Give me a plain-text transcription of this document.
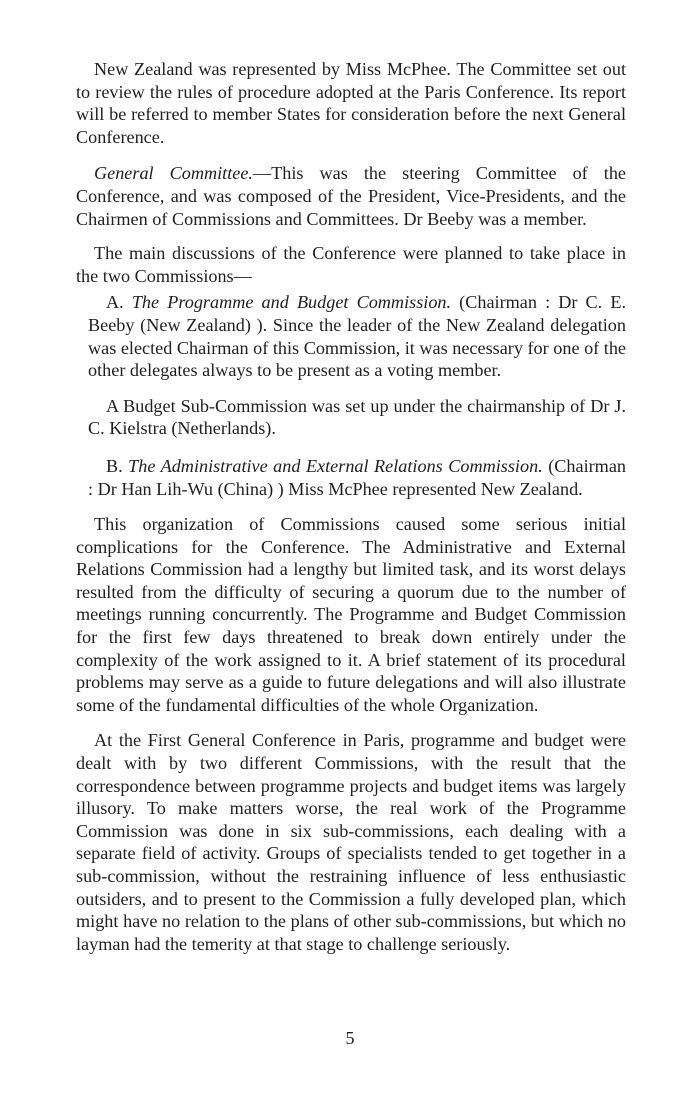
New Zealand was represented by Miss McPhee. The Committee set out to review the rules of procedure adopted at the Paris Conference. Its report will be referred to member States for consideration before the next General Conference.

General Committee.—This was the steering Committee of the Conference, and was composed of the President, Vice-Presidents, and the Chairmen of Commissions and Committees. Dr Beeby was a member.

The main discussions of the Conference were planned to take place in the two Commissions—

A. The Programme and Budget Commission. (Chairman : Dr C. E. Beeby (New Zealand) ). Since the leader of the New Zealand delegation was elected Chairman of this Commission, it was necessary for one of the other delegates always to be present as a voting member.

A Budget Sub-Commission was set up under the chairmanship of Dr J. C. Kielstra (Netherlands).

B. The Administrative and External Relations Commission. (Chairman : Dr Han Lih-Wu (China) ) Miss McPhee represented New Zealand.

This organization of Commissions caused some serious initial complications for the Conference. The Administrative and External Relations Commission had a lengthy but limited task, and its worst delays resulted from the difficulty of securing a quorum due to the number of meetings running concurrently. The Programme and Budget Commission for the first few days threatened to break down entirely under the complexity of the work assigned to it. A brief statement of its procedural problems may serve as a guide to future delegations and will also illustrate some of the fundamental difficulties of the whole Organization.

At the First General Conference in Paris, programme and budget were dealt with by two different Commissions, with the result that the correspondence between programme projects and budget items was largely illusory. To make matters worse, the real work of the Programme Commission was done in six sub-commissions, each dealing with a separate field of activity. Groups of specialists tended to get together in a sub-commission, without the restraining influence of less enthusiastic outsiders, and to present to the Commission a fully developed plan, which might have no relation to the plans of other sub-commissions, but which no layman had the temerity at that stage to challenge seriously.

5
